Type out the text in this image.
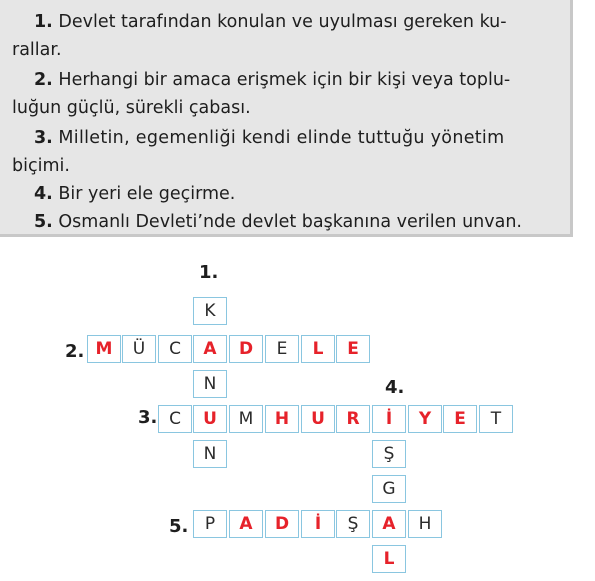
1. Devlet tarafından konulan ve uyulması gereken ku-
rallar.
2. Herhangi bir amaca erişmek için bir kişi veya toplu-
luğun güçlü, sürekli çabası.
3. Milletin, egemenliği kendi elinde tuttuğu yönetim
biçimi.
4. Bir yeri ele geçirme.
5. Osmanlı Devleti’nde devlet başkanına verilen unvan.
1.
2.
4.
3.
5.
K
M Ü C A D E L E
N
C U M H U R İ Y E T
N	Ş
G
P A D İ Ş A H
L
